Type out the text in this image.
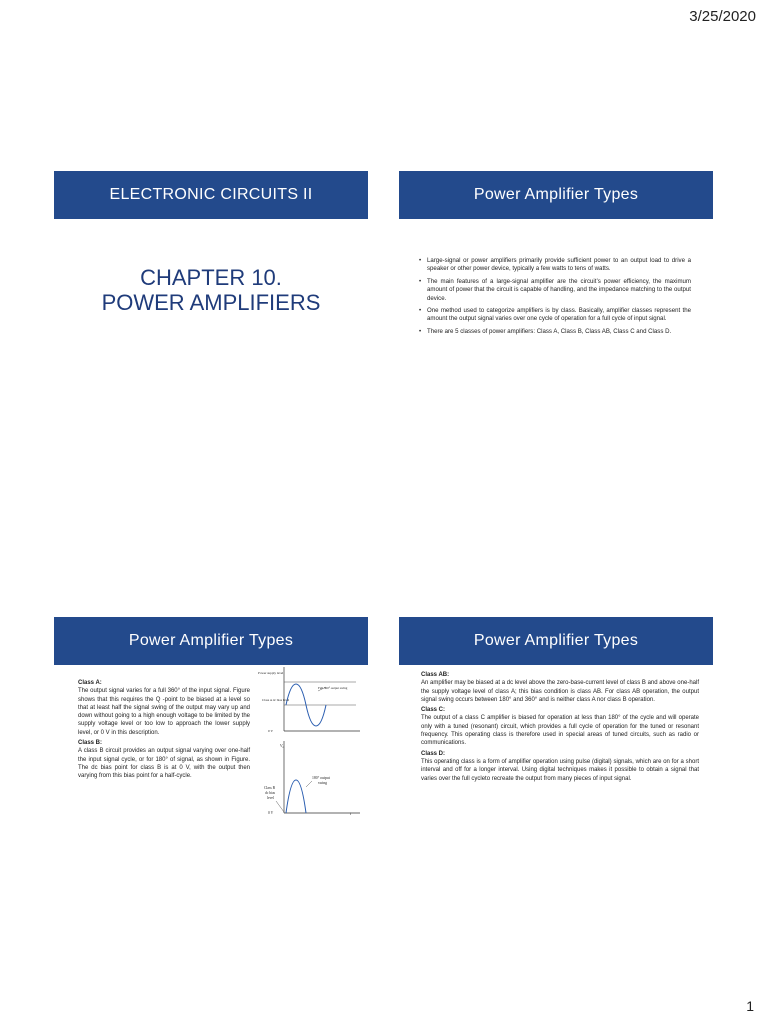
3/25/2020
ELECTRONIC CIRCUITS II
CHAPTER 10.
POWER AMPLIFIERS
Power Amplifier Types
• Large-signal or power amplifiers primarily provide sufficient power to an output load to drive a speaker or other power device, typically a few watts to tens of watts.
• The main features of a large-signal amplifier are the circuit’s power efficiency, the maximum amount of power that the circuit is capable of handling, and the impedance matching to the output device.
• One method used to categorize amplifiers is by class. Basically, amplifier classes represent the amount the output signal varies over one cycle of operation for a full cycle of input signal.
• There are 5 classes of power amplifiers: Class A, Class B, Class AB, Class C and Class D.
Power Amplifier Types

Class A:
The output signal varies for a full 360° of the input signal. Figure shows that this requires the Q -point to be biased at a level so that at least half the signal swing of the output may vary up and down without going to a high enough voltage to be limited by the supply voltage level or too low to approach the lower supply level, or 0 V in this description.

Class B:
A class B circuit provides an output signal varying over one-half the input signal cycle, or for 180° of signal, as shown in Figure. The dc bias point for class B is at 0 V, with the output then varying from this bias point for a half-cycle.

Power supply level
Class A dc bias level
0 V
Full 360° output swing
$V_o$
Class B
dc bias
level
0 V
180° output
swing
t
Power Amplifier Types

Class AB:
An amplifier may be biased at a dc level above the zero-base-current level of class B and above one-half the supply voltage level of class A; this bias condition is class AB. For class AB operation, the output signal swing occurs between 180° and 360° and is neither class A nor class B operation.

Class C:
The output of a class C amplifier is biased for operation at less than 180° of the cycle and will operate only with a tuned (resonant) circuit, which provides a full cycle of operation for the tuned or resonant frequency. This operating class is therefore used in special areas of tuned circuits, such as radio or communications.

Class D:
This operating class is a form of amplifier operation using pulse (digital) signals, which are on for a short interval and off for a longer interval. Using digital techniques makes it possible to obtain a signal that varies over the full cycleto recreate the output from many pieces of input signal.

1
